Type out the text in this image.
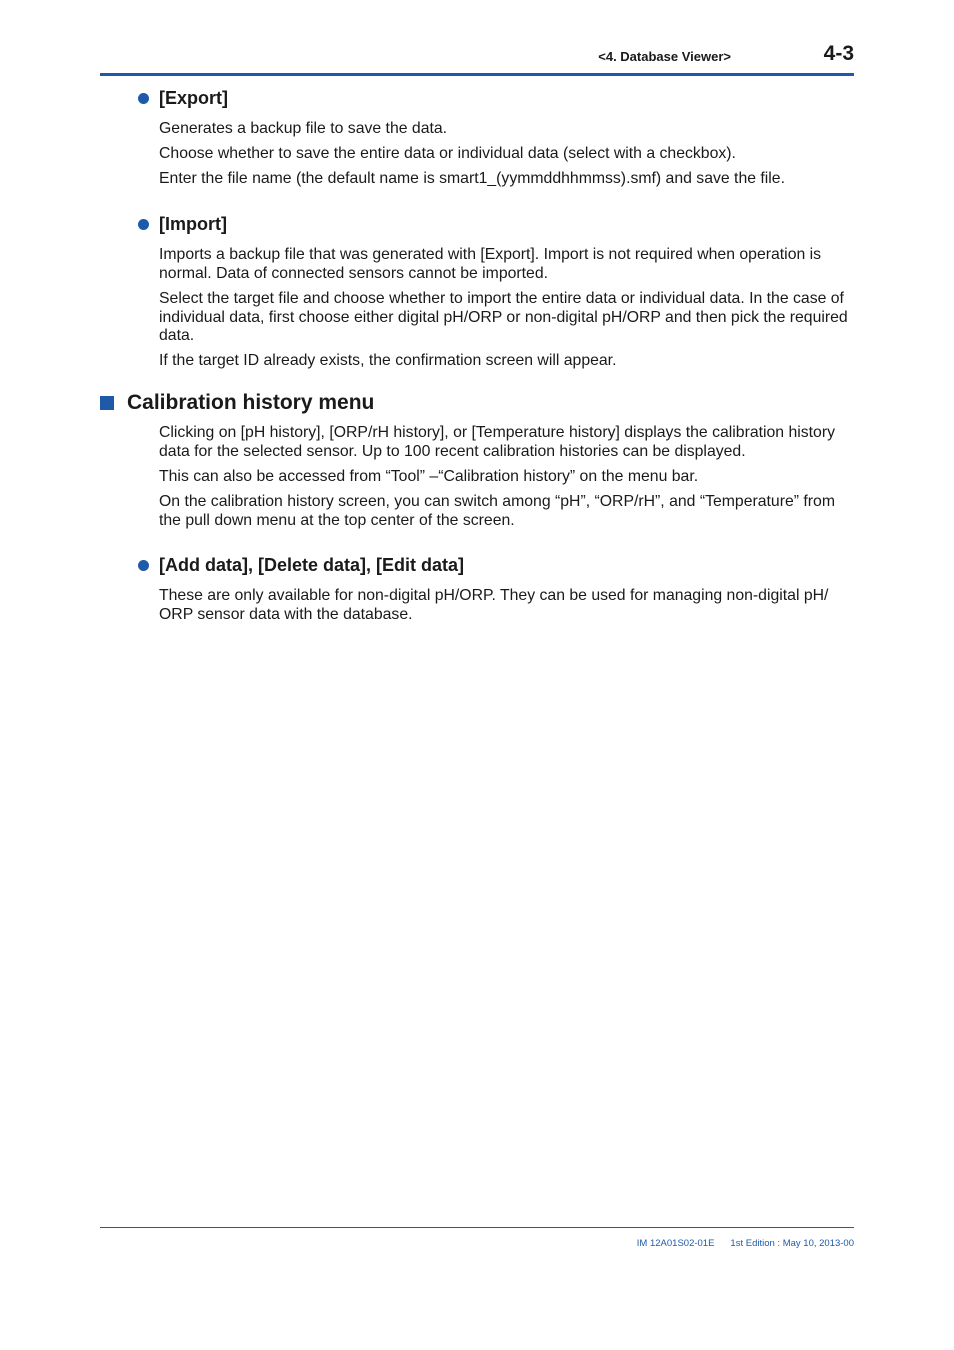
<4. Database Viewer>	4-3
[Export]
Generates a backup file to save the data.
Choose whether to save the entire data or individual data (select with a checkbox).
Enter the file name (the default name is smart1_(yymmddhhmmss).smf) and save the file.
[Import]
Imports a backup file that was generated with [Export]. Import is not required when operation is normal. Data of connected sensors cannot be imported.
Select the target file and choose whether to import the entire data or individual data. In the case of individual data, first choose either digital pH/ORP or non-digital pH/ORP and then pick the required data.
If the target ID already exists, the confirmation screen will appear.
Calibration history menu
Clicking on [pH history], [ORP/rH history], or [Temperature history] displays the calibration history data for the selected sensor. Up to 100 recent calibration histories can be displayed.
This can also be accessed from “Tool” –“Calibration history” on the menu bar.
On the calibration history screen, you can switch among “pH”, “ORP/rH”, and “Temperature” from the pull down menu at the top center of the screen.
[Add data], [Delete data], [Edit data]
These are only available for non-digital pH/ORP. They can be used for managing non-digital pH/ ORP sensor data with the database.
IM 12A01S02-01E 1st Edition : May 10, 2013-00
